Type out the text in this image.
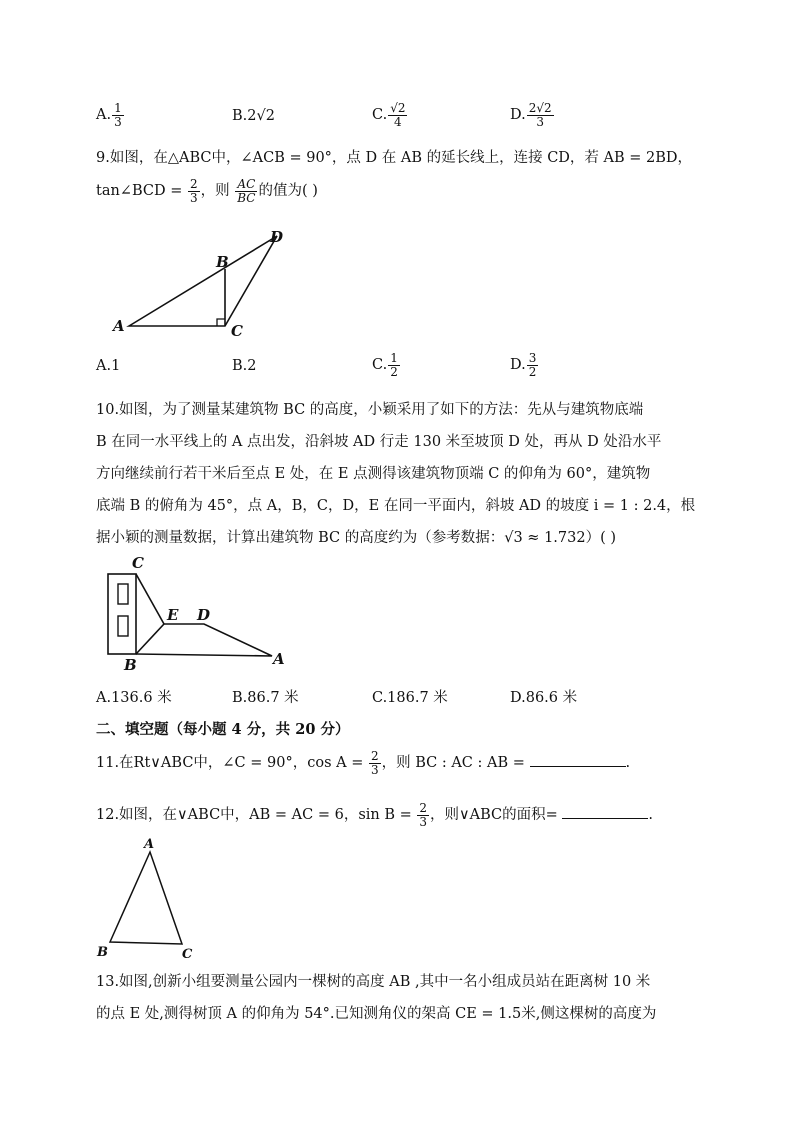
A. $\frac{1}{3}$	B.2√2	C. $\frac{√2}{4}$	D. $\frac{2√2}{3}$
9.如图，在△ABC中，∠ACB = 90°，点 D 在 AB 的延长线上，连接 CD，若 AB = 2BD，
tan∠BCD = $\frac{2}{3}$ ，则 $\frac{AC}{BC}$ 的值为( )
A
B
C
D
A.1	B.2	C. $\frac{1}{2}$	D. $\frac{3}{2}$
10.如图，为了测量某建筑物 BC 的高度，小颖采用了如下的方法：先从与建筑物底端
B 在同一水平线上的 A 点出发，沿斜坡 AD 行走 130 米至坡顶 D 处，再从 D 处沿水平
方向继续前行若干米后至点 E 处，在 E 点测得该建筑物顶端 C 的仰角为 60°，建筑物
底端 B 的俯角为 45°，点 A，B，C，D，E 在同一平面内，斜坡 AD 的坡度 i = 1 : 2.4，根
据小颖的测量数据，计算出建筑物 BC 的高度约为（参考数据：√3 ≈ 1.732）( )
C
E D
B	A
A.136.6 米	B.86.7 米	C.186.7 米	D.86.6 米
二、填空题（每小题 4 分，共 20 分）
11.在Rt∨ABC中，∠C = 90°，$\cos A = \frac{2}{3}$ ，则 BC : AC : AB =	.
12.如图，在∨ABC中，AB = AC = 6，$\sin B = \frac{2}{3}$ ，则∨ABC的面积=	.
A
B	C
13.如图,创新小组要测量公园内一棵树的高度 AB ,其中一名小组成员站在距离树 10 米
的点 E 处,测得树顶 A 的仰角为 54°.已知测角仪的架高 CE = 1.5米,侧这棵树的高度为
